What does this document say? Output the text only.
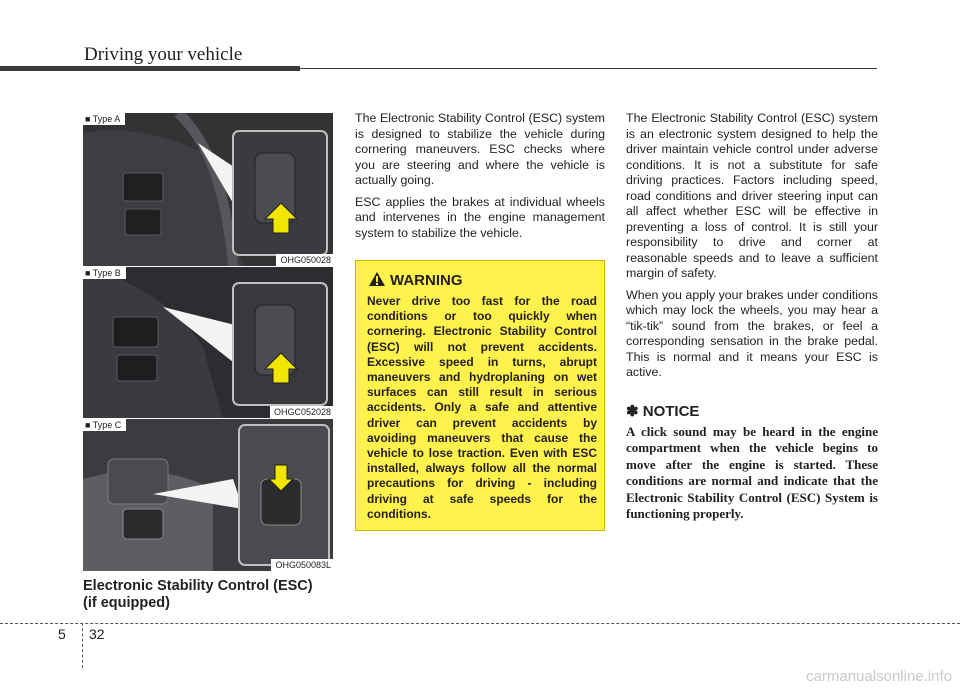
Driving your vehicle
■ Type A
OHG050028
■ Type B
OHGC052028
■ Type C
OHG050083L
Electronic Stability Control (ESC)
(if equipped)

The Electronic Stability Control (ESC) system is designed to stabilize the vehicle during cornering maneuvers. ESC checks where you are steering and where the vehicle is actually going.

ESC applies the brakes at individual wheels and intervenes in the engine management system to stabilize the vehicle.

WARNING
Never drive too fast for the road conditions or too quickly when cornering. Electronic Stability Control (ESC) will not prevent accidents. Excessive speed in turns, abrupt maneuvers and hydroplaning on wet surfaces can still result in serious accidents. Only a safe and attentive driver can prevent accidents by avoiding maneuvers that cause the vehicle to lose traction. Even with ESC installed, always follow all the normal precautions for driving - including driving at safe speeds for the conditions.

The Electronic Stability Control (ESC) system is an electronic system designed to help the driver maintain vehicle control under adverse conditions. It is not a substitute for safe driving practices. Factors including speed, road conditions and driver steering input can all affect whether ESC will be effective in preventing a loss of control. It is still your responsibility to drive and corner at reasonable speeds and to leave a sufficient margin of safety.

When you apply your brakes under conditions which may lock the wheels, you may hear a “tik-tik” sound from the brakes, or feel a corresponding sensation in the brake pedal. This is normal and it means your ESC is active.

✽ NOTICE
A click sound may be heard in the engine compartment when the vehicle begins to move after the engine is started. These conditions are normal and indicate that the Electronic Stability Control (ESC) System is functioning properly.
5 32
carmanualsonline.info
